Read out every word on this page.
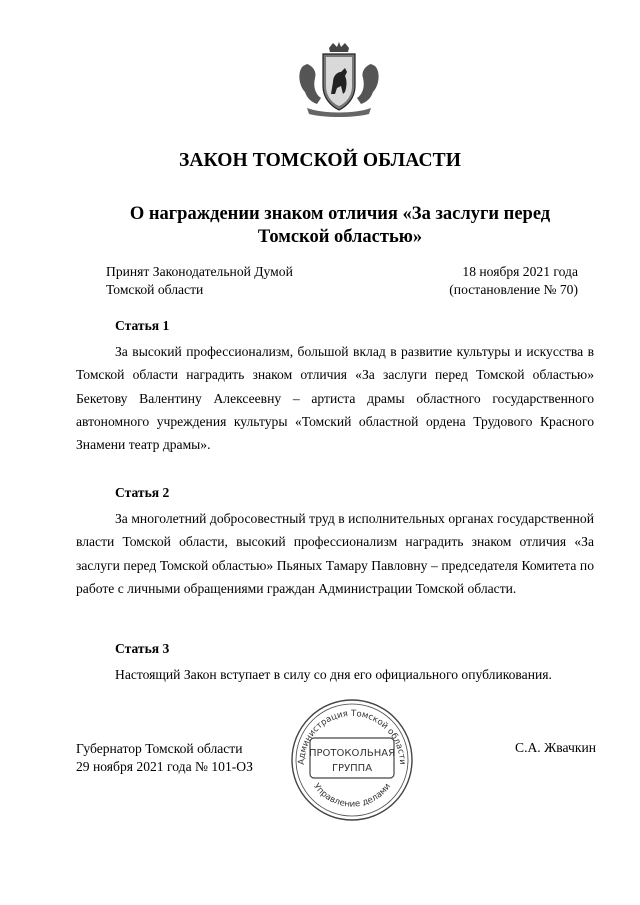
ЗАКОН ТОМСКОЙ ОБЛАСТИ
О награждении знаком отличия «За заслуги перед
Томской областью»
Принят Законодательной Думой
Томской области
18 ноября 2021 года
(постановление № 70)
Статья 1
За высокий профессионализм, большой вклад в развитие культуры и искусства в Томской области наградить знаком отличия «За заслуги перед Томской областью» Бекетову Валентину Алексеевну – артиста драмы областного государственного автономного учреждения культуры «Томский областной ордена Трудового Красного Знамени театр драмы».
Статья 2
За многолетний добросовестный труд в исполнительных органах государственной власти Томской области, высокий профессионализм наградить знаком отличия «За заслуги перед Томской областью» Пьяных Тамару Павловну – председателя Комитета по работе с личными обращениями граждан Администрации Томской области.
Статья 3
Настоящий Закон вступает в силу со дня его официального опубликования.
Губернатор Томской области
29 ноября 2021 года № 101-ОЗ
С.А. Жвачкин
Администрация Томской области
Управление делами
ПРОТОКОЛЬНАЯ
ГРУППА
